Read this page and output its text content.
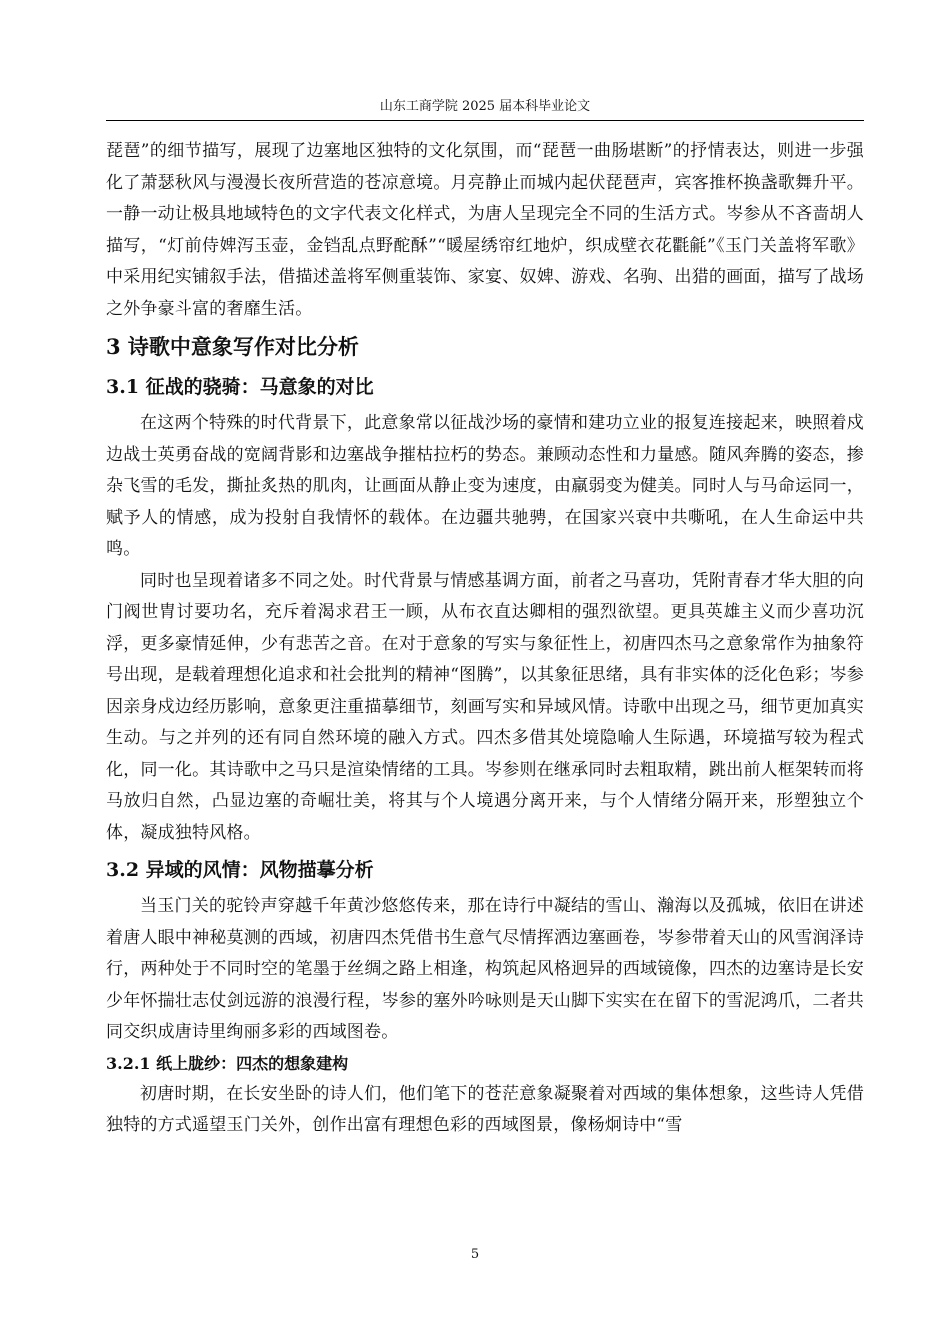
山东工商学院 2025 届本科毕业论文

琵琶”的细节描写，展现了边塞地区独特的文化氛围，而“琵琶一曲肠堪断”的抒情表达，则进一步强化了萧瑟秋风与漫漫长夜所营造的苍凉意境。月亮静止而城内起伏琵琶声，宾客推杯换盏歌舞升平。一静一动让极具地域特色的文字代表文化样式，为唐人呈现完全不同的生活方式。岑参从不吝啬胡人描写，“灯前侍婢泻玉壶，金铛乱点野酡酥”“暖屋绣帘红地炉，织成壁衣花氍毹”《玉门关盖将军歌》中采用纪实铺叙手法，借描述盖将军侧重装饰、家宴、奴婢、游戏、名驹、出猎的画面，描写了战场之外争豪斗富的奢靡生活。

3 诗歌中意象写作对比分析
3.1 征战的骁骑：马意象的对比

在这两个特殊的时代背景下，此意象常以征战沙场的豪情和建功立业的报复连接起来，映照着戍边战士英勇奋战的宽阔背影和边塞战争摧枯拉朽的势态。兼顾动态性和力量感。随风奔腾的姿态，掺杂飞雪的毛发，撕扯炙热的肌肉，让画面从静止变为速度，由羸弱变为健美。同时人与马命运同一，赋予人的情感，成为投射自我情怀的载体。在边疆共驰骋，在国家兴衰中共嘶吼，在人生命运中共鸣。

同时也呈现着诸多不同之处。时代背景与情感基调方面，前者之马喜功，凭附青春才华大胆的向门阀世胄讨要功名，充斥着渴求君王一顾，从布衣直达卿相的强烈欲望。更具英雄主义而少喜功沉浮，更多豪情延伸，少有悲苦之音。在对于意象的写实与象征性上，初唐四杰马之意象常作为抽象符号出现，是载着理想化追求和社会批判的精神“图腾”，以其象征思绪，具有非实体的泛化色彩；岑参因亲身戍边经历影响，意象更注重描摹细节，刻画写实和异域风情。诗歌中出现之马，细节更加真实生动。与之并列的还有同自然环境的融入方式。四杰多借其处境隐喻人生际遇，环境描写较为程式化，同一化。其诗歌中之马只是渲染情绪的工具。岑参则在继承同时去粗取精，跳出前人框架转而将马放归自然，凸显边塞的奇崛壮美，将其与个人境遇分离开来，与个人情绪分隔开来，形塑独立个体，凝成独特风格。

3.2 异域的风情：风物描摹分析

当玉门关的驼铃声穿越千年黄沙悠悠传来，那在诗行中凝结的雪山、瀚海以及孤城，依旧在讲述着唐人眼中神秘莫测的西域，初唐四杰凭借书生意气尽情挥洒边塞画卷，岑参带着天山的风雪润泽诗行，两种处于不同时空的笔墨于丝绸之路上相逢，构筑起风格迥异的西域镜像，四杰的边塞诗是长安少年怀揣壮志仗剑远游的浪漫行程，岑参的塞外吟咏则是天山脚下实实在在留下的雪泥鸿爪，二者共同交织成唐诗里绚丽多彩的西域图卷。

3.2.1 纸上胧纱：四杰的想象建构

初唐时期，在长安坐卧的诗人们，他们笔下的苍茫意象凝聚着对西域的集体想象，这些诗人凭借独特的方式遥望玉门关外，创作出富有理想色彩的西域图景，像杨炯诗中“雪

5
